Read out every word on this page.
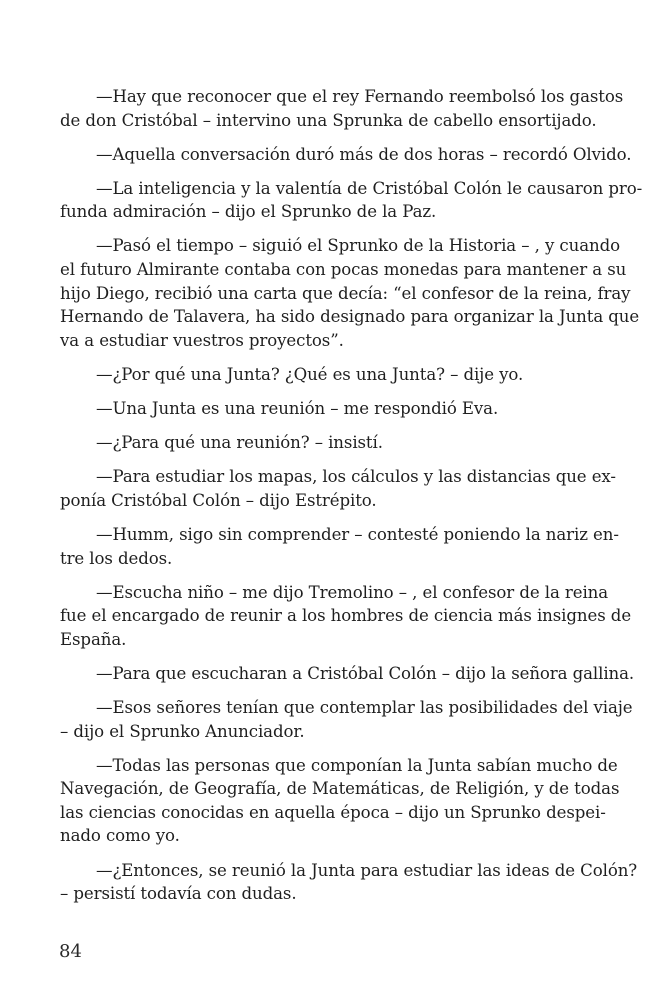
—Hay que reconocer que el rey Fernando reembolsó los gastos
de don Cristóbal – intervino una Sprunka de cabello ensortijado.

—Aquella conversación duró más de dos horas – recordó Olvido.

—La inteligencia y la valentía de Cristóbal Colón le causaron pro-
funda admiración – dijo el Sprunko de la Paz.

—Pasó el tiempo – siguió el Sprunko de la Historia – , y cuando
el futuro Almirante contaba con pocas monedas para mantener a su
hijo Diego, recibió una carta que decía: “el confesor de la reina, fray
Hernando de Talavera, ha sido designado para organizar la Junta que
va a estudiar vuestros proyectos”.

—¿Por qué una Junta? ¿Qué es una Junta? – dije yo.

—Una Junta es una reunión – me respondió Eva.

—¿Para qué una reunión? – insistí.

—Para estudiar los mapas, los cálculos y las distancias que ex-
ponía Cristóbal Colón – dijo Estrépito.

—Humm, sigo sin comprender – contesté poniendo la nariz en-
tre los dedos.

—Escucha niño – me dijo Tremolino – , el confesor de la reina
fue el encargado de reunir a los hombres de ciencia más insignes de
España.

—Para que escucharan a Cristóbal Colón – dijo la señora gallina.

—Esos señores tenían que contemplar las posibilidades del viaje
– dijo el Sprunko Anunciador.

—Todas las personas que componían la Junta sabían mucho de
Navegación, de Geografía, de Matemáticas, de Religión, y de todas
las ciencias conocidas en aquella época – dijo un Sprunko despei-
nado como yo.

—¿Entonces, se reunió la Junta para estudiar las ideas de Colón?
– persistí todavía con dudas.

84
